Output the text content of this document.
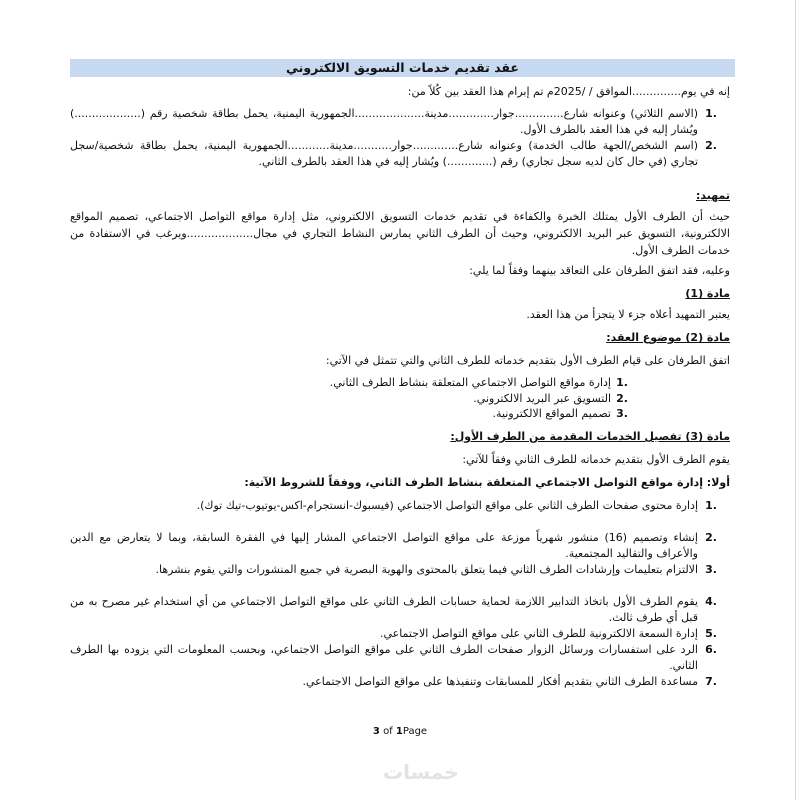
عقد تقديم خدمات التسويق الالكتروني
إنه في يوم..............الموافق / /2025م تم إبرام هذا العقد بين كُلاً من:
1.
(الاسم الثلاثي) وعنوانه شارع..............جوار.............مدينة....................الجمهورية اليمنية، يحمل بطاقة شخصية رقم (...................) ويُشار إليه في هذا العقد بالطرف الأول.
2.
(اسم الشخص/الجهة طالب الخدمة) وعنوانه شارع.............جوار...........مدينة............الجمهورية اليمنية، يحمل بطاقة شخصية/سجل تجاري (في حال كان لديه سجل تجاري) رقم (.............) ويُشار إليه في هذا العقد بالطرف الثاني.
تمهيد:
حيث أن الطرف الأول يمتلك الخبرة والكفاءة في تقديم خدمات التسويق الالكتروني، مثل إدارة مواقع التواصل الاجتماعي، تصميم المواقع الالكترونية، التسويق عبر البريد الالكتروني، وحيث أن الطرف الثاني يمارس النشاط التجاري في مجال...................ويرغب في الاستفادة من خدمات الطرف الأول.
وعليه، فقد اتفق الطرفان على التعاقد بينهما وفقاً لما يلي:
مادة (1)
يعتبر التمهيد أعلاه جزء لا يتجزأ من هذا العقد.
مادة (2) موضوع العقد:
اتفق الطرفان على قيام الطرف الأول بتقديم خدماته للطرف الثاني والتي تتمثل في الآتي:
1.
إدارة مواقع التواصل الاجتماعي المتعلقة بنشاط الطرف الثاني.
2.
التسويق عبر البريد الالكتروني.
3.
تصميم المواقع الالكترونية.
مادة (3) تفصيل الخدمات المقدمة من الطرف الأول:
يقوم الطرف الأول بتقديم خدماته للطرف الثاني وفقاً للآتي:
أولا: إدارة مواقع التواصل الاجتماعي المتعلقة بنشاط الطرف الثاني، ووفقاً للشروط الآتية:
1.
إدارة محتوى صفحات الطرف الثاني على مواقع التواصل الاجتماعي (فيسبوك-انستجرام-اكس-يوتيوب-تيك توك).
2.
إنشاء وتصميم (16) منشور شهرياً موزعة على مواقع التواصل الاجتماعي المشار إليها في الفقرة السابقة، وبما لا يتعارض مع الدين والأعراف والتقاليد المجتمعية.
3.
الالتزام بتعليمات وإرشادات الطرف الثاني فيما يتعلق بالمحتوى والهوية البصرية في جميع المنشورات والتي يقوم بنشرها.
4.
يقوم الطرف الأول باتخاذ التدابير اللازمة لحماية حسابات الطرف الثاني على مواقع التواصل الاجتماعي من أي استخدام غير مصرح به من قبل أي طرف ثالث.
5.
إدارة السمعة الالكترونية للطرف الثاني على مواقع التواصل الاجتماعي.
6.
الرد على استفسارات ورسائل الزوار صفحات الطرف الثاني على مواقع التواصل الاجتماعي، وبحسب المعلومات التي يزوده بها الطرف الثاني.
7.
مساعدة الطرف الثاني بتقديم أفكار للمسابقات وتنفيذها على مواقع التواصل الاجتماعي.
3 of 1Page
خمسات
